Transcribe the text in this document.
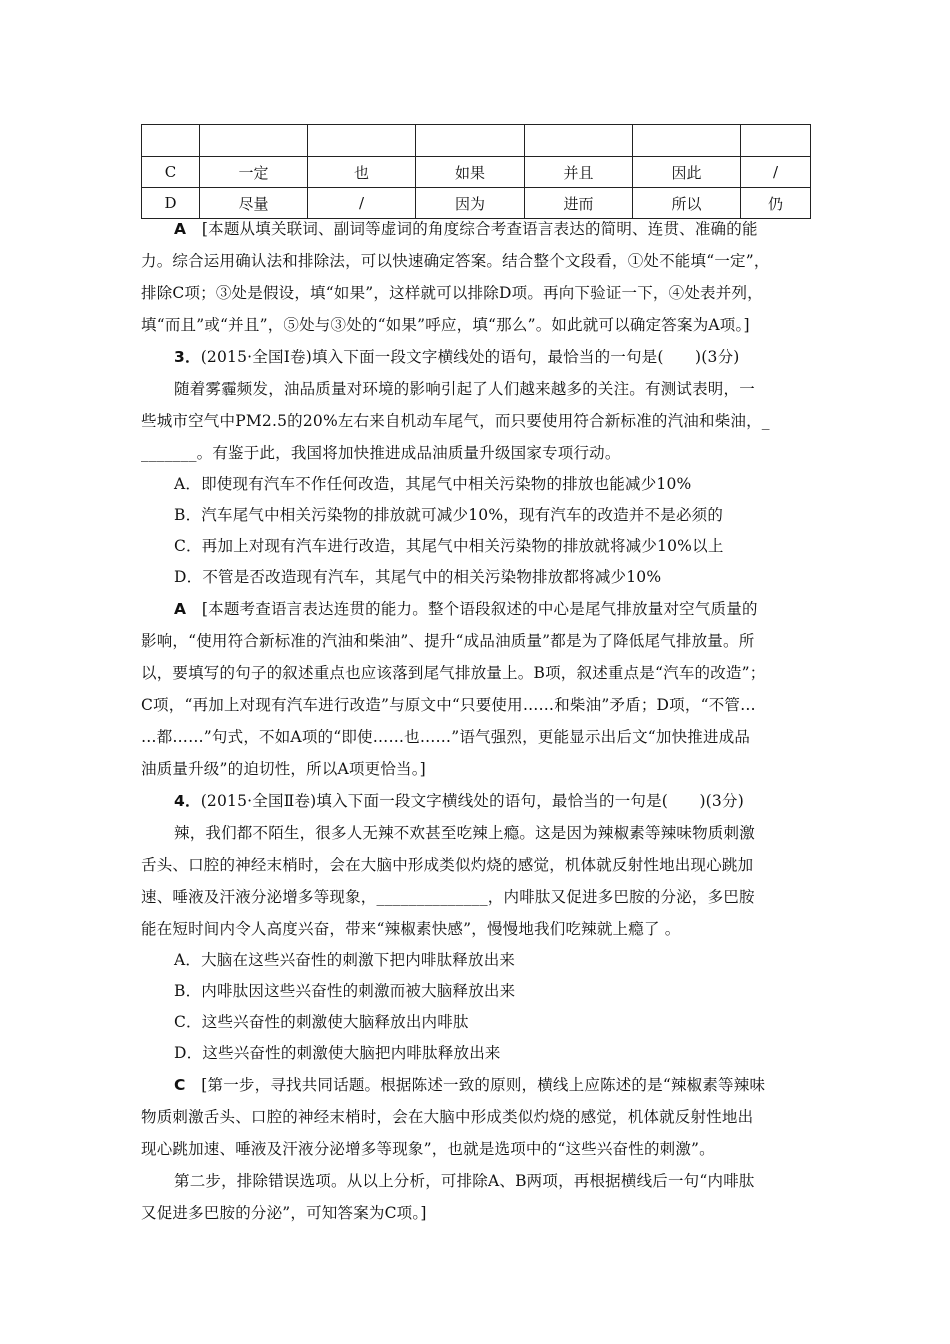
C	一定	也	如果	并且	因此	/
D	尽量	/	因为	进而	所以	仍
A　 [本题从填关联词、副词等虚词的角度综合考查语言表达的简明、连贯、准确的能
力。综合运用确认法和排除法，可以快速确定答案。结合整个文段看，①处不能填“一定”，
排除C项；③处是假设，填“如果”，这样就可以排除D项。再向下验证一下，④处表并列，
填“而且”或“并且”，⑤处与③处的“如果”呼应，填“那么”。如此就可以确定答案为A项。]
3．(2015·全国Ⅰ卷)填入下面一段文字横线处的语句，最恰当的一句是(　　)(3分)
随着雾霾频发，油品质量对环境的影响引起了人们越来越多的关注。有测试表明，一
些城市空气中PM2.5的20%左右来自机动车尾气，而只要使用符合新标准的汽油和柴油，_
_______。有鉴于此，我国将加快推进成品油质量升级国家专项行动。
A．即使现有汽车不作任何改造，其尾气中相关污染物的排放也能减少10%
B．汽车尾气中相关污染物的排放就可减少10%，现有汽车的改造并不是必须的
C．再加上对现有汽车进行改造，其尾气中相关污染物的排放就将减少10%以上
D．不管是否改造现有汽车，其尾气中的相关污染物排放都将减少10%
A　 [本题考查语言表达连贯的能力。整个语段叙述的中心是尾气排放量对空气质量的
影响，“使用符合新标准的汽油和柴油”、提升“成品油质量”都是为了降低尾气排放量。所
以，要填写的句子的叙述重点也应该落到尾气排放量上。B项，叙述重点是“汽车的改造”；
C项，“再加上对现有汽车进行改造”与原文中“只要使用……和柴油”矛盾；D项，“不管…
…都……”句式，不如A项的“即使……也……”语气强烈，更能显示出后文“加快推进成品
油质量升级”的迫切性，所以A项更恰当。]
4．(2015·全国Ⅱ卷)填入下面一段文字横线处的语句，最恰当的一句是(　　)(3分)
辣，我们都不陌生，很多人无辣不欢甚至吃辣上瘾。这是因为辣椒素等辣味物质刺激
舌头、口腔的神经末梢时，会在大脑中形成类似灼烧的感觉，机体就反射性地出现心跳加
速、唾液及汗液分泌增多等现象，______________，内啡肽又促进多巴胺的分泌，多巴胺
能在短时间内令人高度兴奋，带来“辣椒素快感”，慢慢地我们吃辣就上瘾了 。
A．大脑在这些兴奋性的刺激下把内啡肽释放出来
B．内啡肽因这些兴奋性的刺激而被大脑释放出来
C．这些兴奋性的刺激使大脑释放出内啡肽
D．这些兴奋性的刺激使大脑把内啡肽释放出来
C　 [第一步，寻找共同话题。根据陈述一致的原则，横线上应陈述的是“辣椒素等辣味
物质刺激舌头、口腔的神经末梢时，会在大脑中形成类似灼烧的感觉，机体就反射性地出
现心跳加速、唾液及汗液分泌增多等现象”，也就是选项中的“这些兴奋性的刺激”。
第二步，排除错误选项。从以上分析，可排除A、B两项，再根据横线后一句“内啡肽
又促进多巴胺的分泌”，可知答案为C项。]
